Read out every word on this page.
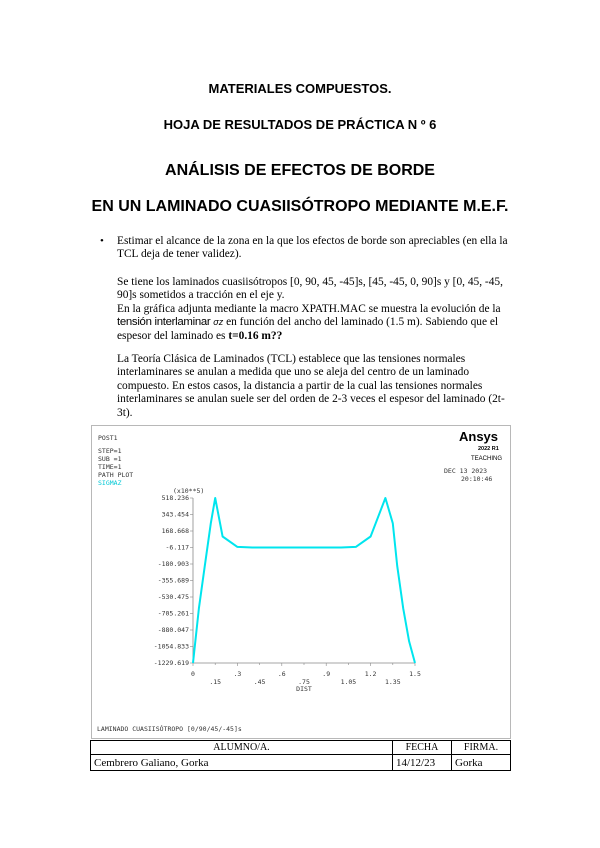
MATERIALES COMPUESTOS.
HOJA DE RESULTADOS DE PRÁCTICA N º 6
ANÁLISIS DE EFECTOS DE BORDE
EN UN LAMINADO CUASIISÓTROPO MEDIANTE M.E.F.
• Estimar el alcance de la zona en la que los efectos de borde son apreciables (en ella la TCL deja de tener validez).
Se tiene los laminados cuasiisótropos [0, 90, 45, -45]s, [45, -45, 0, 90]s y [0, 45, -45, 90]s sometidos a tracción en el eje y.
En la gráfica adjunta mediante la macro XPATH.MAC se muestra la evolución de la tensión interlaminar σz en función del ancho del laminado (1.5 m). Sabiendo que el espesor del laminado es t=0.16 m??
La Teoría Clásica de Laminados (TCL) establece que las tensiones normales interlaminares se anulan a medida que uno se aleja del centro de un laminado compuesto. En estos casos, la distancia a partir de la cual las tensiones normales interlaminares se anulan suele ser del orden de 2-3 veces el espesor del laminado (2t-3t).
POST1
STEP=1
SUB =1
TIME=1
PATH PLOT
SIGMAZ
DEC 13 2023
20:10:46
LAMINADO CUASIISÓTROPO [0/90/45/-45]s
Ansys
2022 R1
TEACHING
518.236
343.454
168.668
-6.117
-180.903
-355.689
-530.475
-705.261
-880.047
-1054.833
-1229.619
0	.3	.6	.9	1.2	1.5
.15	.45	.75	1.05	1.35
(x10**5)
DIST
ALUMNO/A.	FECHA	FIRMA.
Cembrero Galiano, Gorka	14/12/23	Gorka
